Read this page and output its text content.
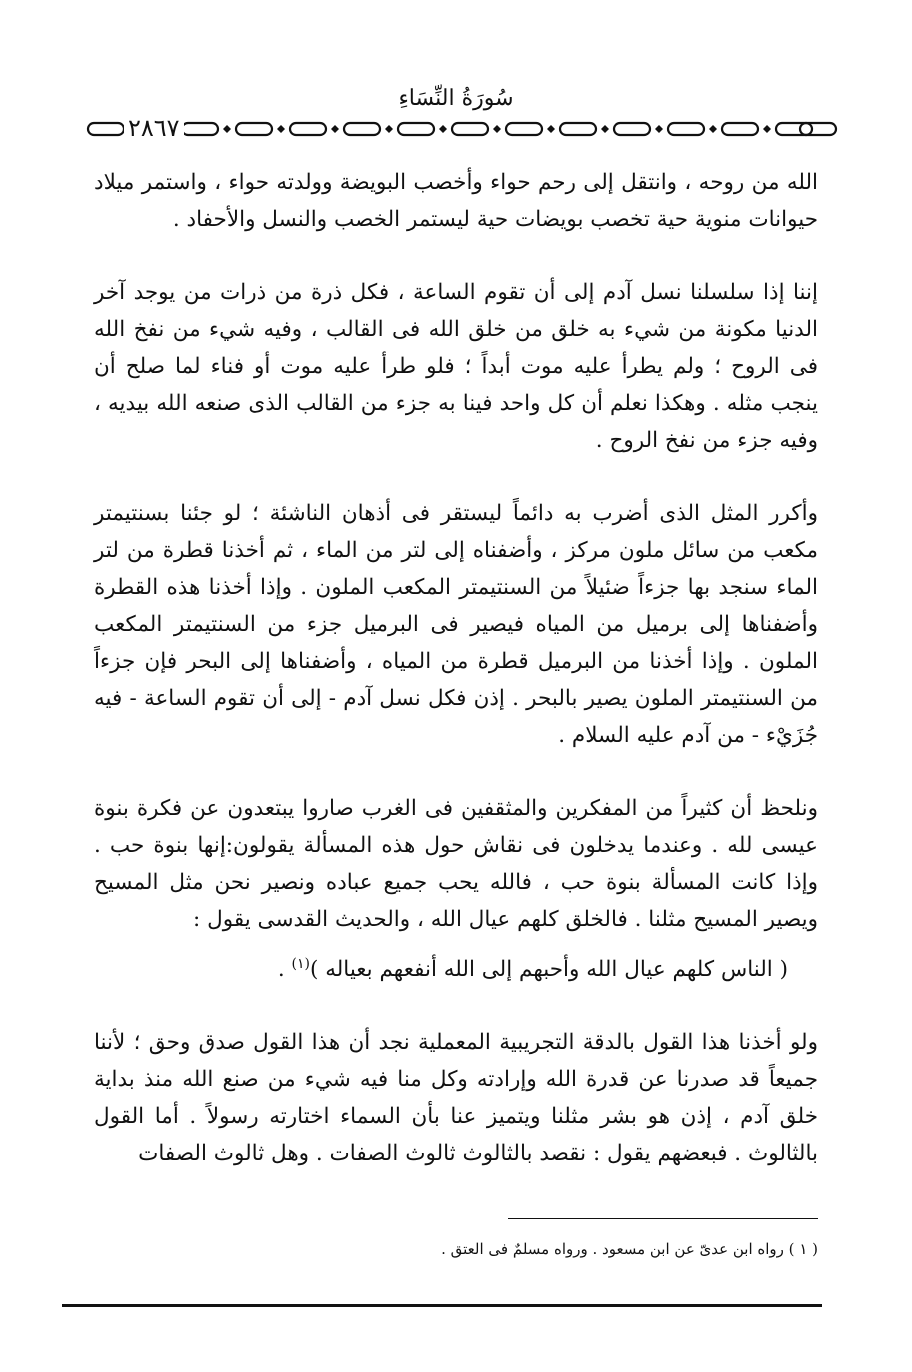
سُورَةُ النِّسَاءِ
٢٨٦٧

الله من روحه ، وانتقل إلى رحم حواء وأخصب البويضة وولدته حواء ، واستمر ميلاد حيوانات منوية حية تخصب بويضات حية ليستمر الخصب والنسل والأحفاد .

إننا إذا سلسلنا نسل آدم إلى أن تقوم الساعة ، فكل ذرة من ذرات من يوجد آخر الدنيا مكونة من شيء به خلق من خلق الله فى القالب ، وفيه شيء من نفخ الله فى الروح ؛ ولم يطرأ عليه موت أبداً ؛ فلو طرأ عليه موت أو فناء لما صلح أن ينجب مثله . وهكذا نعلم أن كل واحد فينا به جزء من القالب الذى صنعه الله بيديه ، وفيه جزء من نفخ الروح .

وأكرر المثل الذى أضرب به دائماً ليستقر فى أذهان الناشئة ؛ لو جئنا بسنتيمتر مكعب من سائل ملون مركز ، وأضفناه إلى لتر من الماء ، ثم أخذنا قطرة من لتر الماء سنجد بها جزءاً ضئيلاً من السنتيمتر المكعب الملون . وإذا أخذنا هذه القطرة وأضفناها إلى برميل من المياه فيصير فى البرميل جزء من السنتيمتر المكعب الملون . وإذا أخذنا من البرميل قطرة من المياه ، وأضفناها إلى البحر فإن جزءاً من السنتيمتر الملون يصير بالبحر . إذن فكل نسل آدم - إلى أن تقوم الساعة - فيه جُزَيْء - من آدم عليه السلام .

ونلحظ أن كثيراً من المفكرين والمثقفين فى الغرب صاروا يبتعدون عن فكرة بنوة عيسى لله . وعندما يدخلون فى نقاش حول هذه المسألة يقولون:إنها بنوة حب . وإذا كانت المسألة بنوة حب ، فالله يحب جميع عباده ونصير نحن مثل المسيح ويصير المسيح مثلنا . فالخلق كلهم عيال الله ، والحديث القدسى يقول :

( الناس كلهم عيال الله وأحبهم إلى الله أنفعهم بعياله )$^{(١)}$ .

ولو أخذنا هذا القول بالدقة التجريبية المعملية نجد أن هذا القول صدق وحق ؛ لأننا جميعاً قد صدرنا عن قدرة الله وإرادته وكل منا فيه شيء من صنع الله منذ بداية خلق آدم ، إذن هو بشر مثلنا ويتميز عنا بأن السماء اختارته رسولاً . أما القول بالثالوث . فبعضهم يقول : نقصد بالثالوث ثالوث الصفات . وهل ثالوث الصفات

( ١ ) رواه ابن عدىّ عن ابن مسعود . ورواه مسلمٌ فى العتق .
